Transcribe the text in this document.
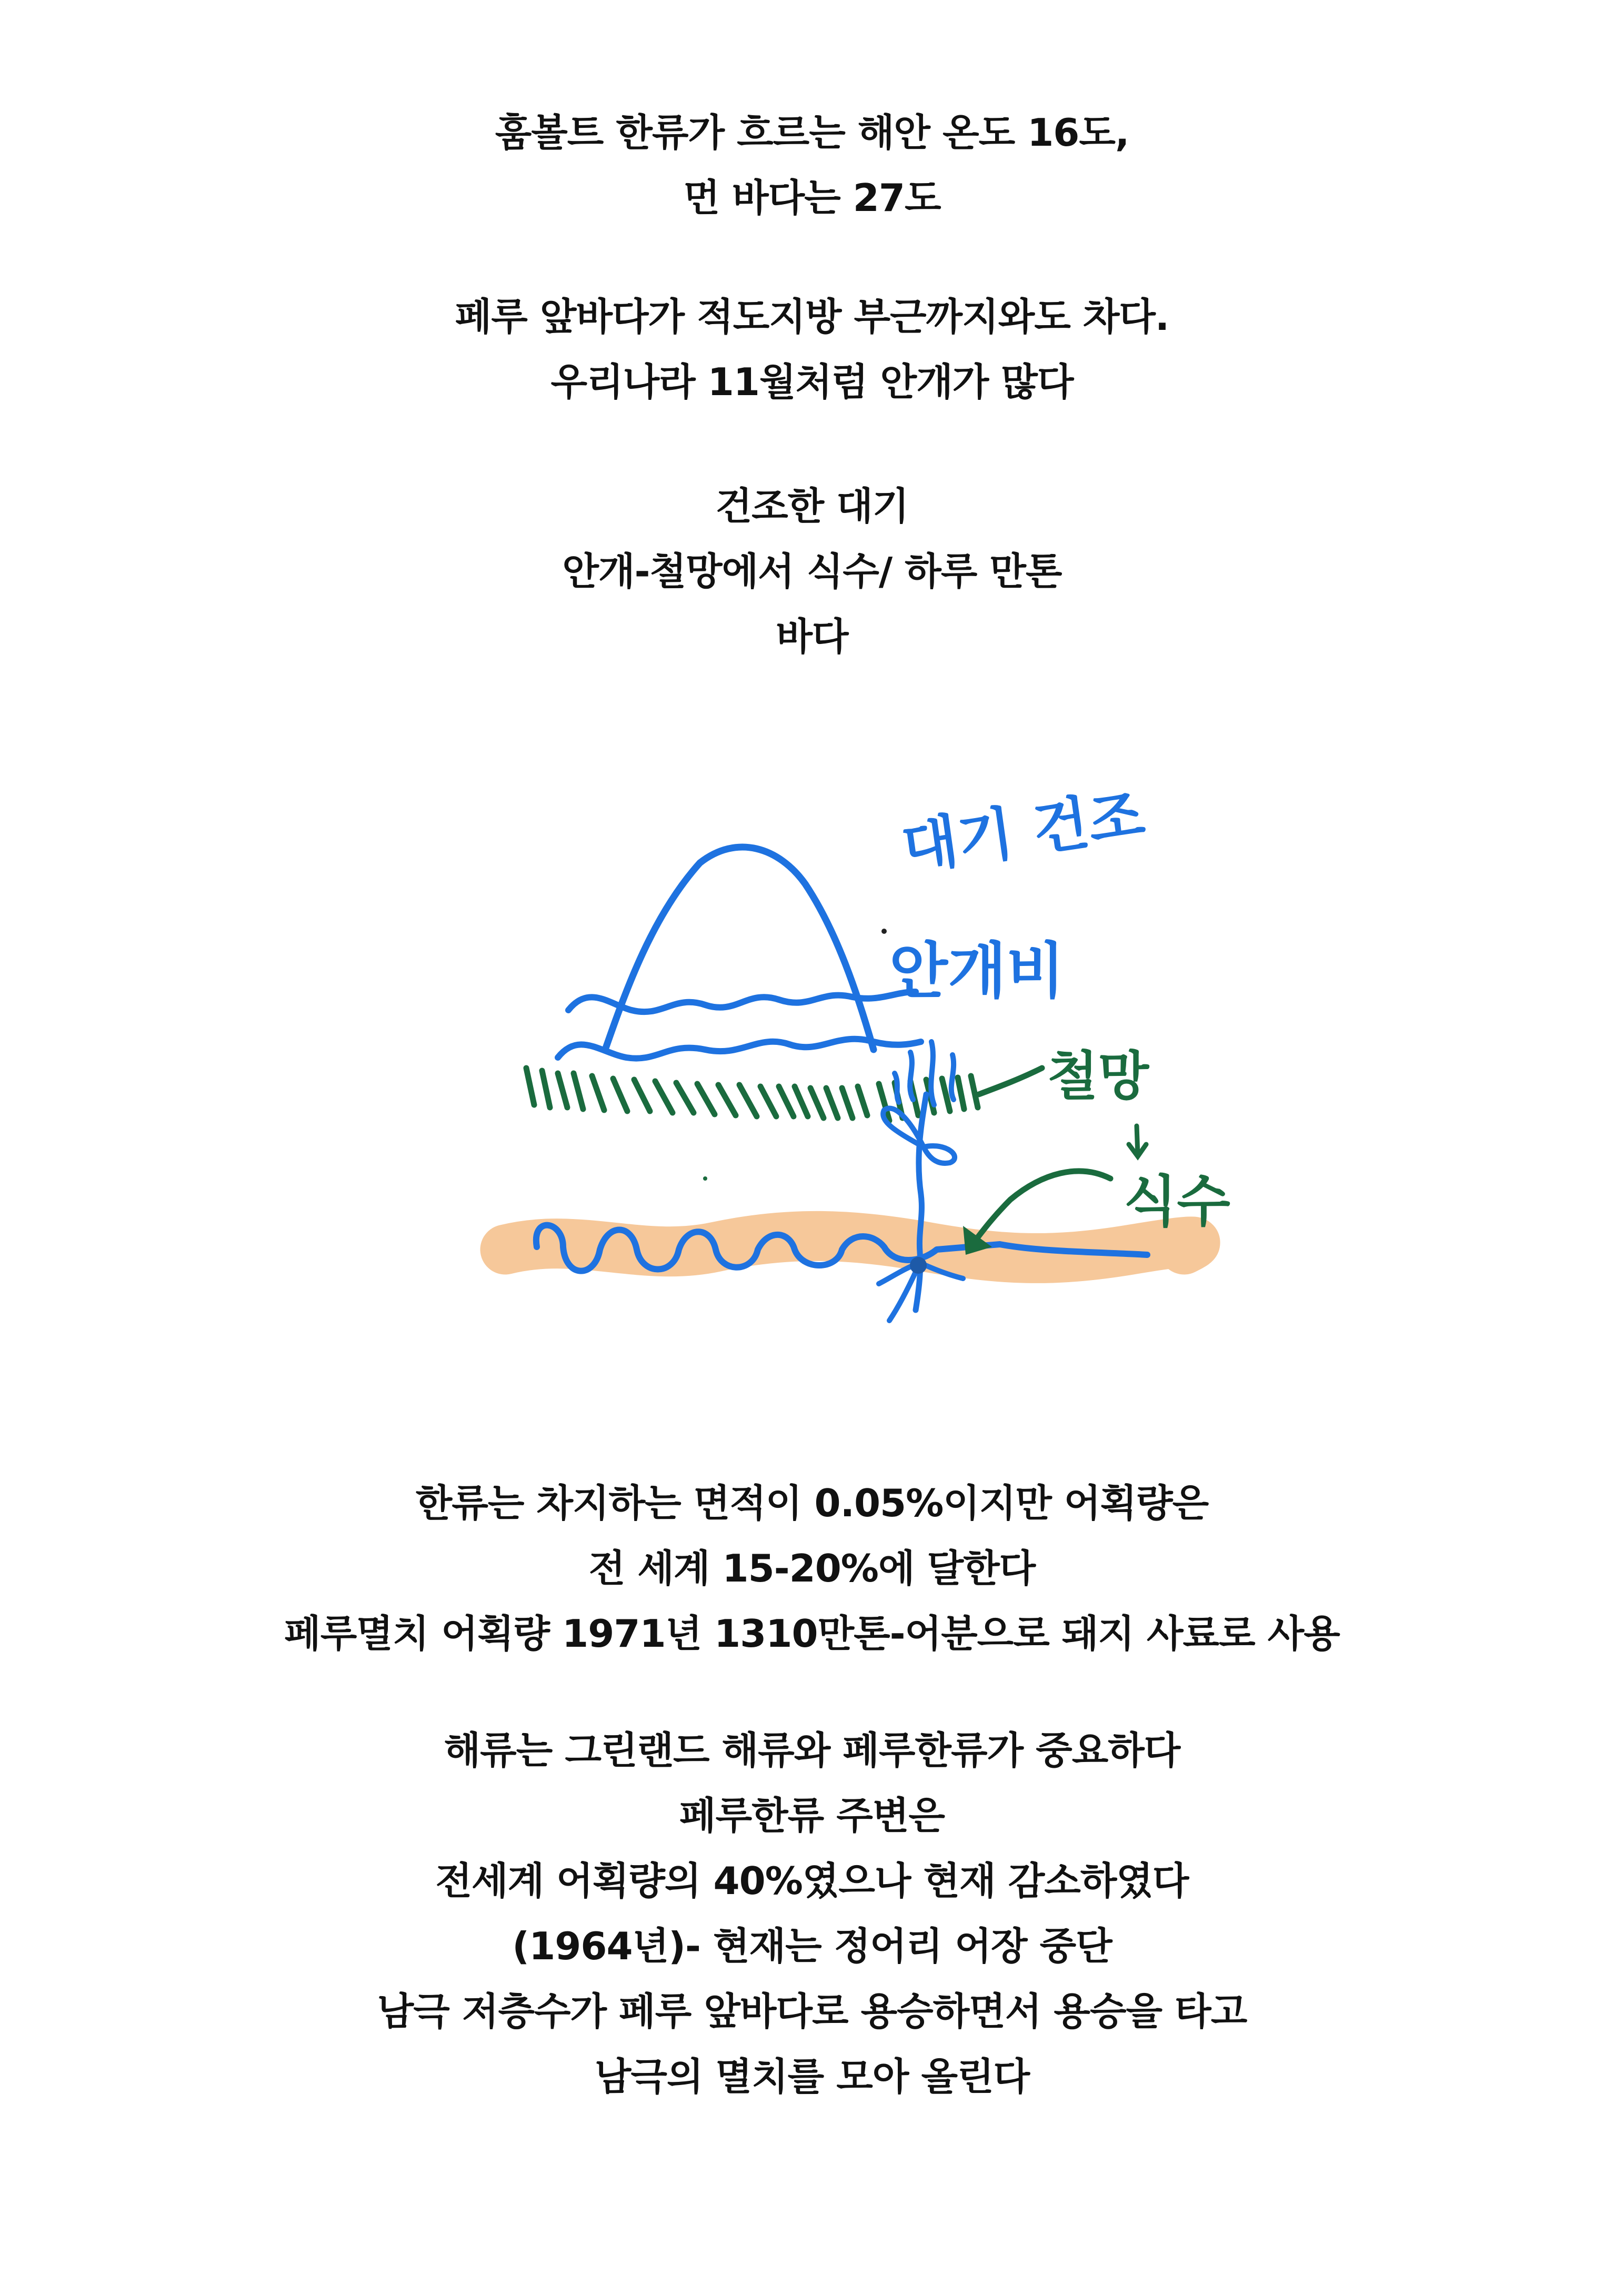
훔볼트 한류가 흐르는 해안 온도 16도,
먼 바다는 27도
페루 앞바다가 적도지방 부근까지와도 차다.
우리나라 11월처럼 안개가 많다
건조한 대기
안개-철망에서 식수/ 하루 만톤
바다
대기 건조
안개비
철망
식수
한류는 차지하는 면적이 0.05%이지만 어획량은
전 세계 15-20%에 달한다
페루멸치 어획량 1971년 1310만톤-어분으로 돼지 사료로 사용
해류는 그린랜드 해류와 페루한류가 중요하다
페루한류 주변은
전세계 어획량의 40%였으나 현재 감소하였다
(1964년)- 현재는 정어리 어장 중단
남극 저층수가 페루 앞바다로 용승하면서 용승을 타고
남극의 멸치를 모아 올린다
